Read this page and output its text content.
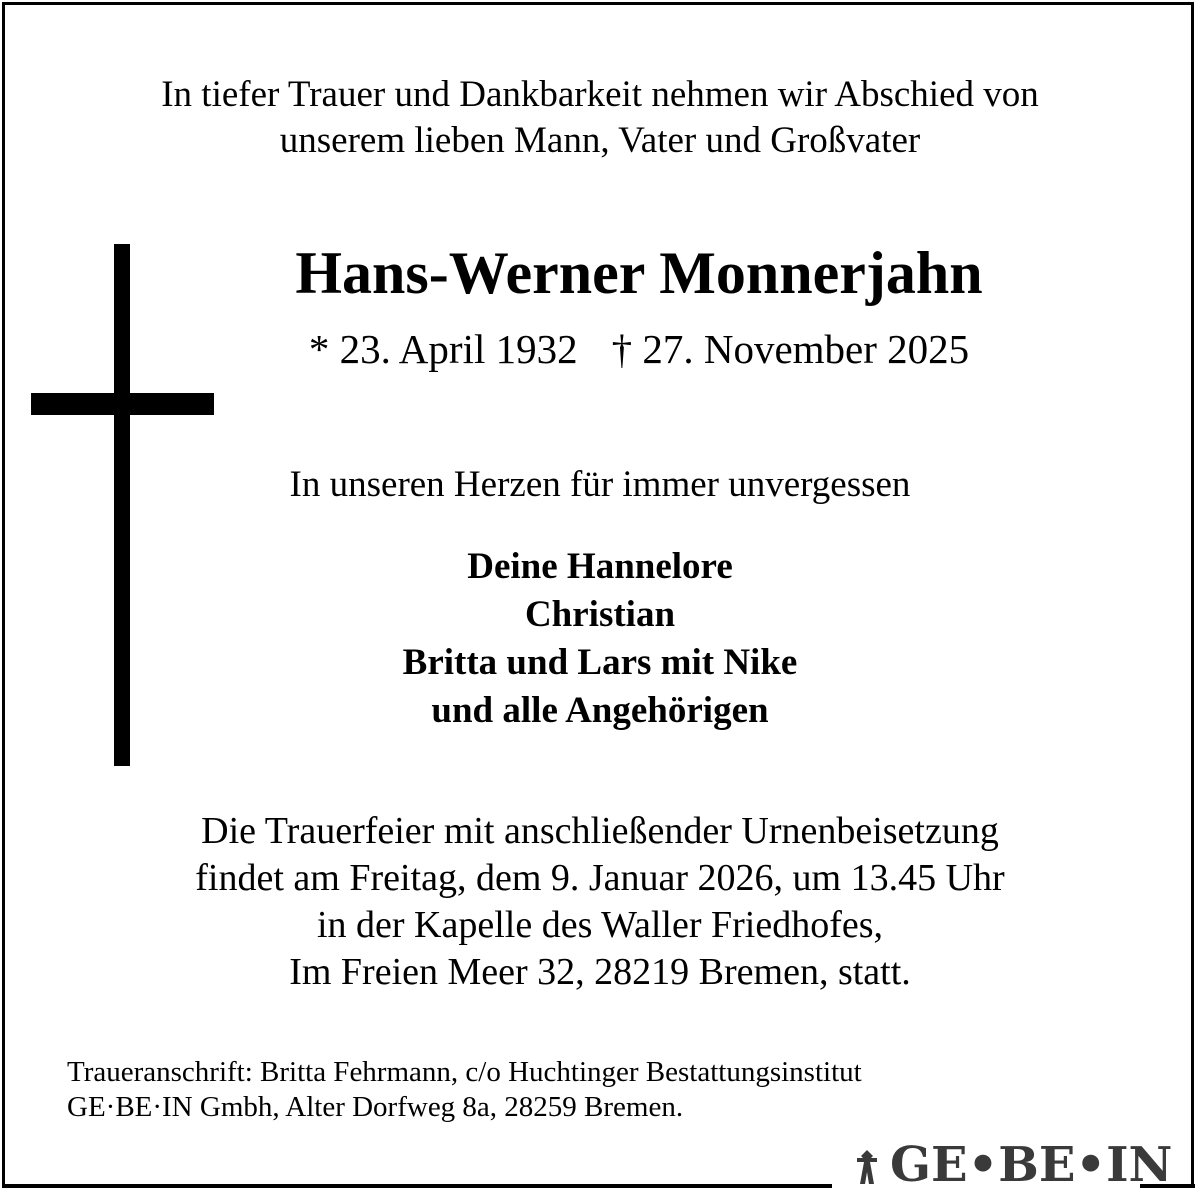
In tiefer Trauer und Dankbarkeit nehmen wir Abschied von
unserem lieben Mann, Vater und Großvater
Hans-Werner Monnerjahn
* 23. April 1932 † 27. November 2025
In unseren Herzen für immer unvergessen
Deine Hannelore
Christian
Britta und Lars mit Nike
und alle Angehörigen
Die Trauerfeier mit anschließender Urnenbeisetzung
findet am Freitag, dem 9. Januar 2026, um 13.45 Uhr
in der Kapelle des Waller Friedhofes,
Im Freien Meer 32, 28219 Bremen, statt.
Traueranschrift: Britta Fehrmann, c/o Huchtinger Bestattungsinstitut
GE·BE·IN Gmbh, Alter Dorfweg 8a, 28259 Bremen.
GE•BE•IN
